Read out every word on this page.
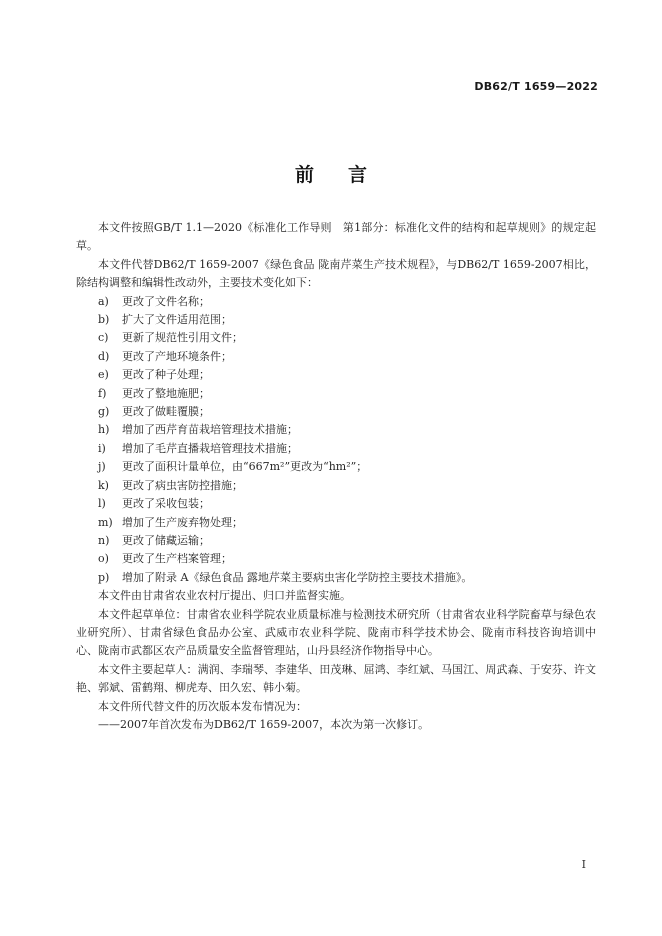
DB62/T 1659—2022
前 言

本文件按照GB/T 1.1—2020《标准化工作导则　第1部分：标准化文件的结构和起草规则》的规定起草。

本文件代替DB62/T 1659-2007《绿色食品 陇南芹菜生产技术规程》，与DB62/T 1659-2007相比，除结构调整和编辑性改动外，主要技术变化如下：

a) 更改了文件名称；

b) 扩大了文件适用范围；

c) 更新了规范性引用文件；

d) 更改了产地环境条件；

e) 更改了种子处理；

f) 更改了整地施肥；

g) 更改了做畦覆膜；

h) 增加了西芹育苗栽培管理技术措施；

i) 增加了毛芹直播栽培管理技术措施；

j) 更改了面积计量单位，由“667m²”更改为“hm²”；

k) 更改了病虫害防控措施；

l) 更改了采收包装；

m) 增加了生产废弃物处理；

n) 更改了储藏运输；

o) 更改了生产档案管理；

p) 增加了附录 A《绿色食品 露地芹菜主要病虫害化学防控主要技术措施》。

本文件由甘肃省农业农村厅提出、归口并监督实施。

本文件起草单位：甘肃省农业科学院农业质量标准与检测技术研究所（甘肃省农业科学院畜草与绿色农业研究所）、甘肃省绿色食品办公室、武威市农业科学院、陇南市科学技术协会、陇南市科技咨询培训中心、陇南市武都区农产品质量安全监督管理站，山丹县经济作物指导中心。

本文件主要起草人：满润、李瑞琴、李建华、田茂琳、屈鸿、李红斌、马国江、周武森、于安芬、许文艳、郭斌、雷鹤翔、柳虎寿、田久宏、韩小菊。

本文件所代替文件的历次版本发布情况为：

——2007年首次发布为DB62/T 1659-2007，本次为第一次修订。

I
